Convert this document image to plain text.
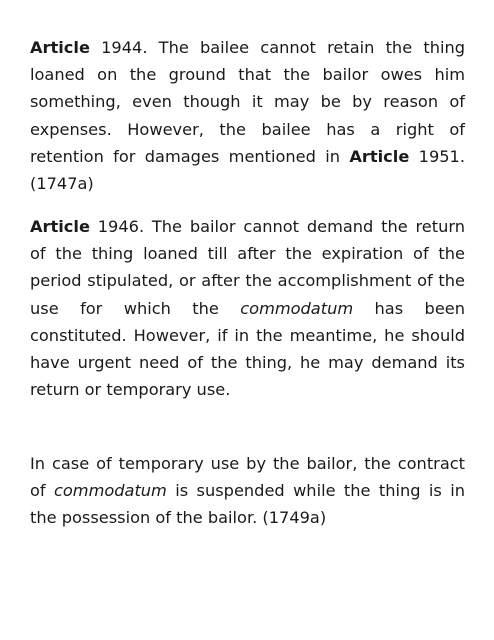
Article 1944. The bailee cannot retain the thing loaned on the ground that the bailor owes him something, even though it may be by reason of expenses. However, the bailee has a right of retention for damages mentioned in Article 1951. (1747a)

Article 1946. The bailor cannot demand the return of the thing loaned till after the expiration of the period stipulated, or after the accomplishment of the use for which the commodatum has been constituted. However, if in the meantime, he should have urgent need of the thing, he may demand its return or temporary use.

In case of temporary use by the bailor, the contract of commodatum is suspended while the thing is in the possession of the bailor. (1749a)
